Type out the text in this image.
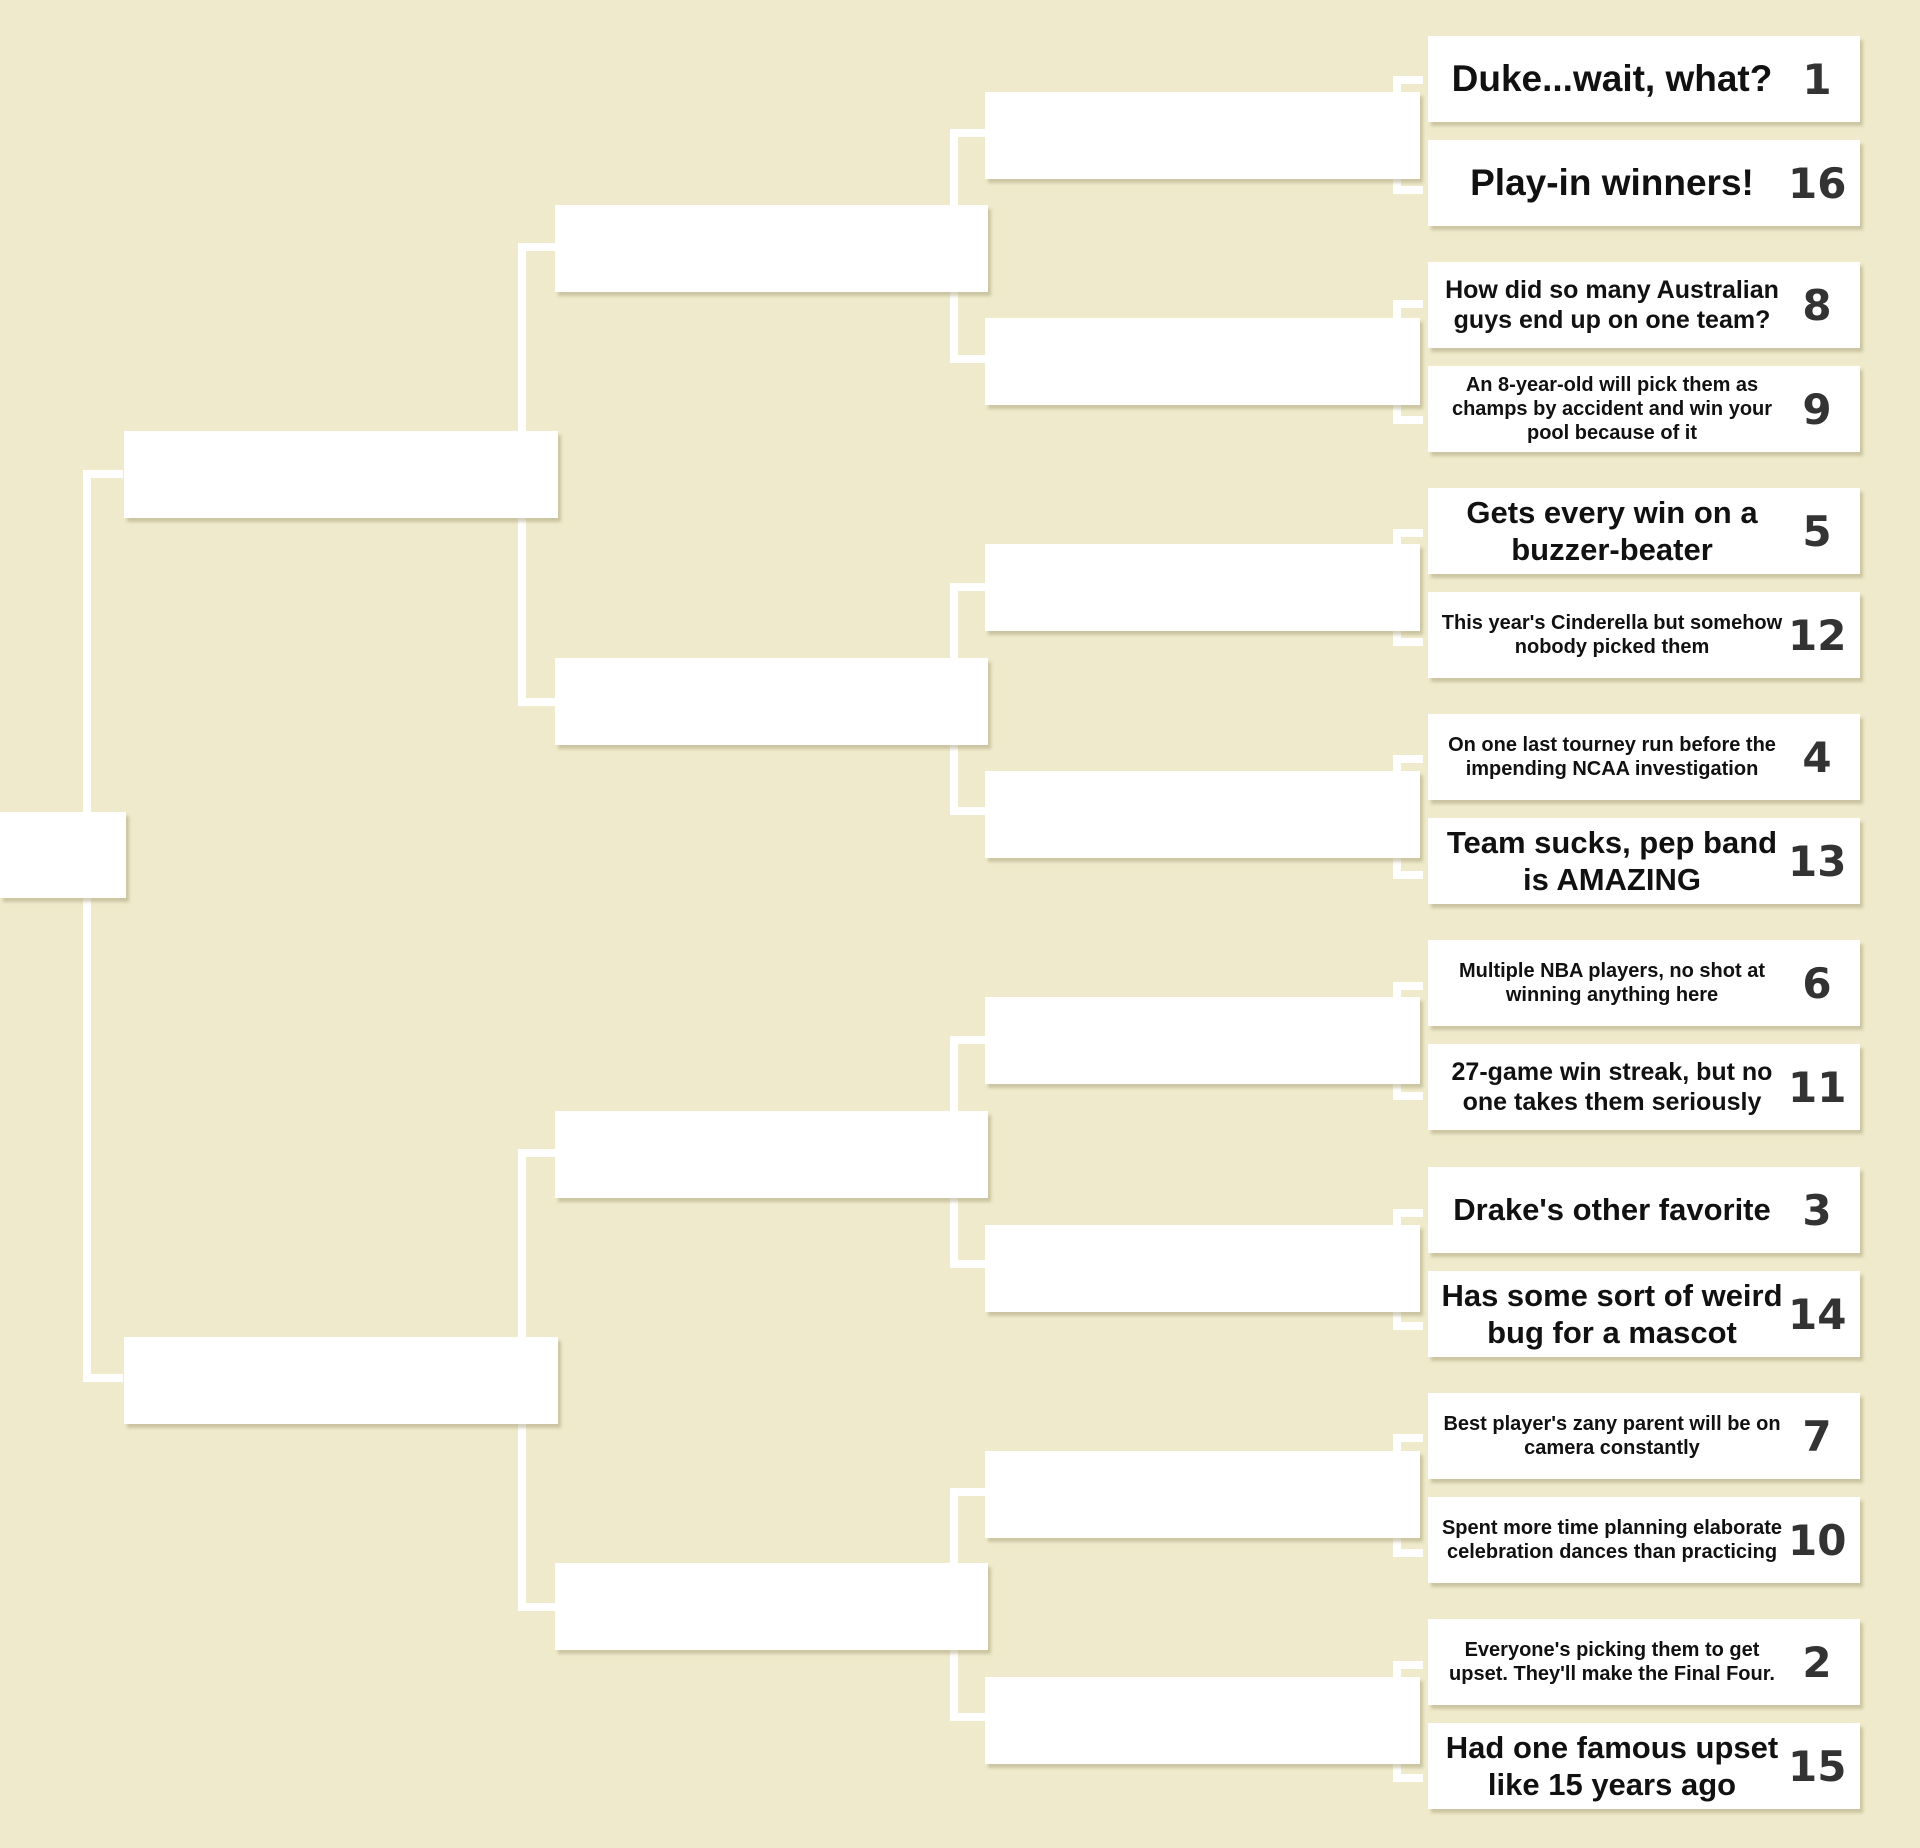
Duke...wait, what? 1
Play-in winners! 16
How did so many Australian guys end up on one team? 8
An 8-year-old will pick them as champs by accident and win your pool because of it	9
Gets every win on a buzzer-beater	5
This year's Cinderella but somehow nobody picked them	12
On one last tourney run before the impending NCAA investigation	4
Team sucks, pep band is AMAZING	13
Multiple NBA players, no shot at winning anything here	6
27-game win streak, but no one takes them seriously 11
Drake's other favorite 3
Has some sort of weird bug for a mascot	14
Best player's zany parent will be on camera constantly	7
Spent more time planning elaborate celebration dances than practicing 10
Everyone's picking them to get upset. They'll make the Final Four. 2
Had one famous upset like 15 years ago	15
